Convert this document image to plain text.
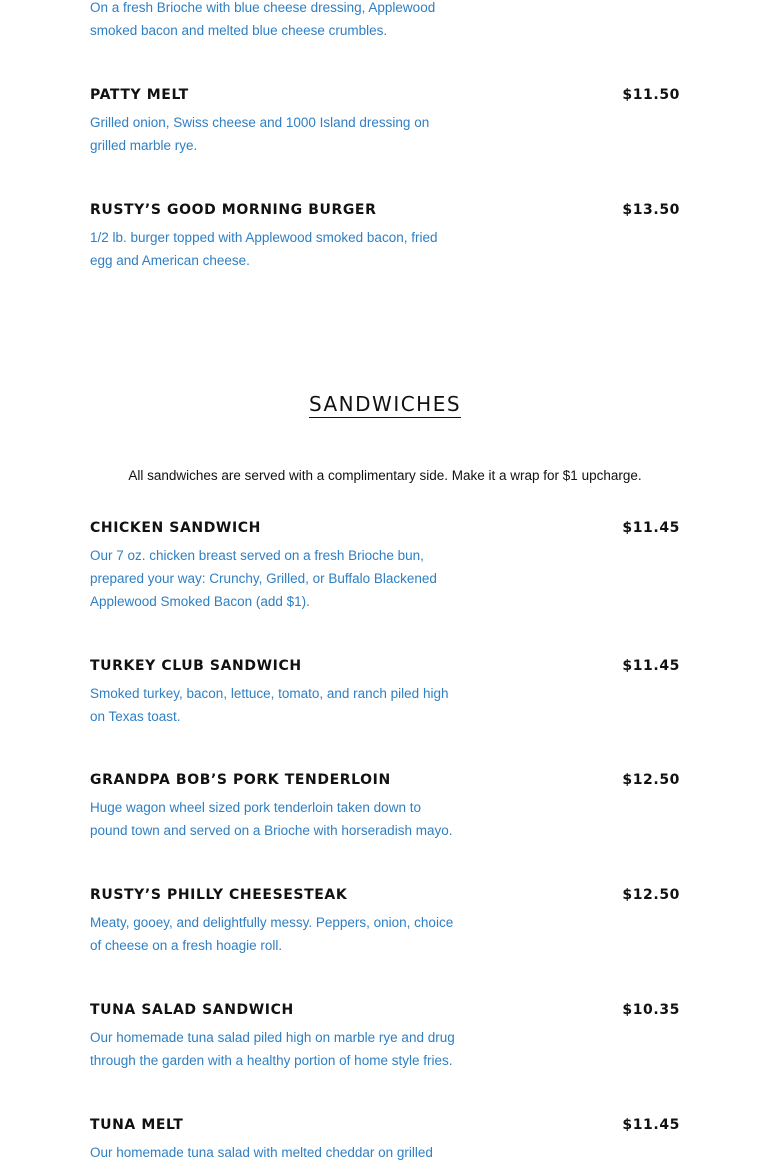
On a fresh Brioche with blue cheese dressing, Applewood smoked bacon and melted blue cheese crumbles.
PATTY MELT	$11.50
Grilled onion, Swiss cheese and 1000 Island dressing on grilled marble rye.
RUSTY’S GOOD MORNING BURGER	$13.50
1/2 lb. burger topped with Applewood smoked bacon, fried egg and American cheese.
SANDWICHES
All sandwiches are served with a complimentary side. Make it a wrap for $1 upcharge.
CHICKEN SANDWICH	$11.45
Our 7 oz. chicken breast served on a fresh Brioche bun, prepared your way: Crunchy, Grilled, or Buffalo Blackened Applewood Smoked Bacon (add $1).
TURKEY CLUB SANDWICH	$11.45
Smoked turkey, bacon, lettuce, tomato, and ranch piled high on Texas toast.
GRANDPA BOB’S PORK TENDERLOIN	$12.50
Huge wagon wheel sized pork tenderloin taken down to pound town and served on a Brioche with horseradish mayo.
RUSTY’S PHILLY CHEESESTEAK	$12.50
Meaty, gooey, and delightfully messy. Peppers, onion, choice of cheese on a fresh hoagie roll.
TUNA SALAD SANDWICH	$10.35
Our homemade tuna salad piled high on marble rye and drug through the garden with a healthy portion of home style fries.
TUNA MELT	$11.45
Our homemade tuna salad with melted cheddar on grilled
